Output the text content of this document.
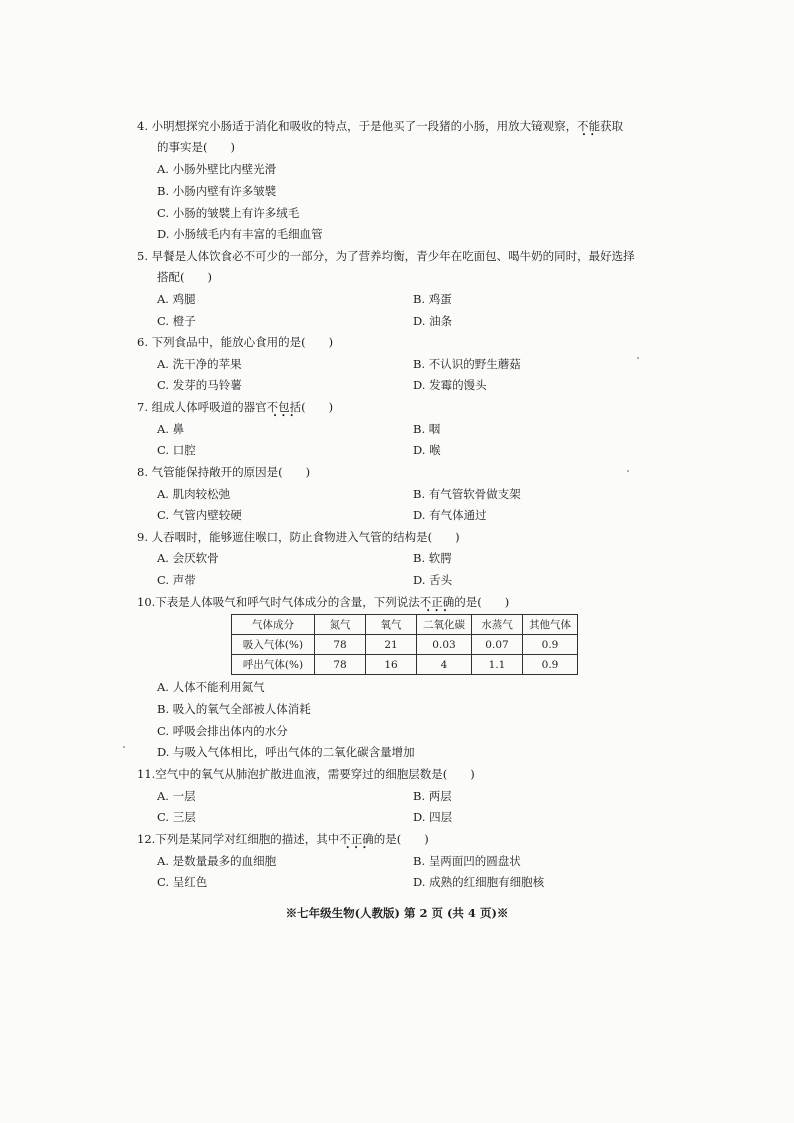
4. 小明想探究小肠适于消化和吸收的特点，于是他买了一段猪的小肠，用放大镜观察，不能 • •获取
的事实是(　　)
A. 小肠外壁比内壁光滑
B. 小肠内壁有许多皱襞
C. 小肠的皱襞上有许多绒毛
D. 小肠绒毛内有丰富的毛细血管
5. 早餐是人体饮食必不可少的一部分，为了营养均衡，青少年在吃面包、喝牛奶的同时，最好选择
搭配(　　)
A. 鸡腿	B. 鸡蛋
C. 橙子	D. 油条
6. 下列食品中，能放心食用的是(　　)
A. 洗干净的苹果	B. 不认识的野生蘑菇
C. 发芽的马铃薯	D. 发霉的馒头
7. 组成人体呼吸道的器官不包括 • •(　　)
A. 鼻	B. 咽
C. 口腔	D. 喉
8. 气管能保持敞开的原因是(　　)
A. 肌肉较松弛	B. 有气管软骨做支架
C. 气管内壁较硬	D. 有气体通过
9. 人吞咽时，能够遮住喉口，防止食物进入气管的结构是(　　)
A. 会厌软骨	B. 软腭
C. 声带	D. 舌头
10.下表是人体吸气和呼气时气体成分的含量，下列说法不正确 • •的是(　　)
气体成分	氮气	氧气	二氧化碳	水蒸气	其他气体
吸入气体(%)	78	21	0.03	0.07	0.9
呼出气体(%)	78	16	4	1.1	0.9
A. 人体不能利用氮气
B. 吸入的氧气全部被人体消耗
C. 呼吸会排出体内的水分
D. 与吸入气体相比，呼出气体的二氧化碳含量增加
11.空气中的氧气从肺泡扩散进血液，需要穿过的细胞层数是(　　)
A. 一层	B. 两层
C. 三层	D. 四层
12.下列是某同学对红细胞的描述，其中不正确 • •的是(　　)
A. 是数量最多的血细胞	B. 呈两面凹的圆盘状
C. 呈红色	D. 成熟的红细胞有细胞核
※七年级生物(人教版) 第 2 页 (共 4 页)※
